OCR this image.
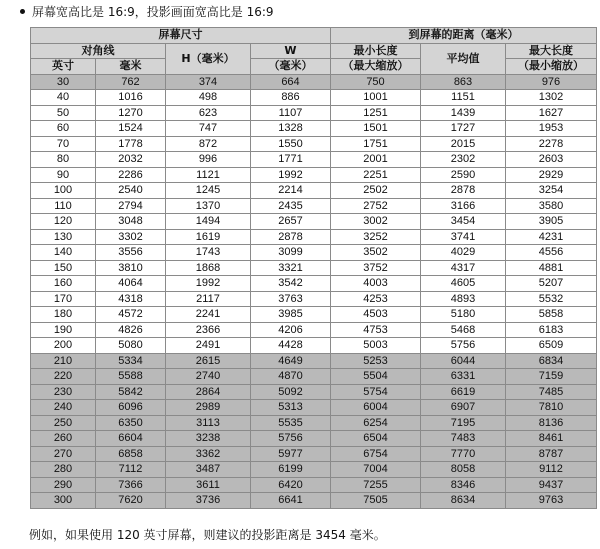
屏幕宽高比是 16:9，投影画面宽高比是 16:9
屏幕尺寸				到屏幕的距离（毫米）		
对角线		H（毫米）	W	最小长度	平均值	最大长度
英寸	毫米		（毫米）	（最大缩放）		（最小缩放）
30	762	374	664	750	863	976
40	1016	498	886	1001	1151	1302
50	1270	623	1107	1251	1439	1627
60	1524	747	1328	1501	1727	1953
70	1778	872	1550	1751	2015	2278
80	2032	996	1771	2001	2302	2603
90	2286	1121	1992	2251	2590	2929
100	2540	1245	2214	2502	2878	3254
110	2794	1370	2435	2752	3166	3580
120	3048	1494	2657	3002	3454	3905
130	3302	1619	2878	3252	3741	4231
140	3556	1743	3099	3502	4029	4556
150	3810	1868	3321	3752	4317	4881
160	4064	1992	3542	4003	4605	5207
170	4318	2117	3763	4253	4893	5532
180	4572	2241	3985	4503	5180	5858
190	4826	2366	4206	4753	5468	6183
200	5080	2491	4428	5003	5756	6509
210	5334	2615	4649	5253	6044	6834
220	5588	2740	4870	5504	6331	7159
230	5842	2864	5092	5754	6619	7485
240	6096	2989	5313	6004	6907	7810
250	6350	3113	5535	6254	7195	8136
260	6604	3238	5756	6504	7483	8461
270	6858	3362	5977	6754	7770	8787
280	7112	3487	6199	7004	8058	9112
290	7366	3611	6420	7255	8346	9437
300	7620	3736	6641	7505	8634	9763
例如，如果使用 120 英寸屏幕，则建议的投影距离是 3454 毫米。
